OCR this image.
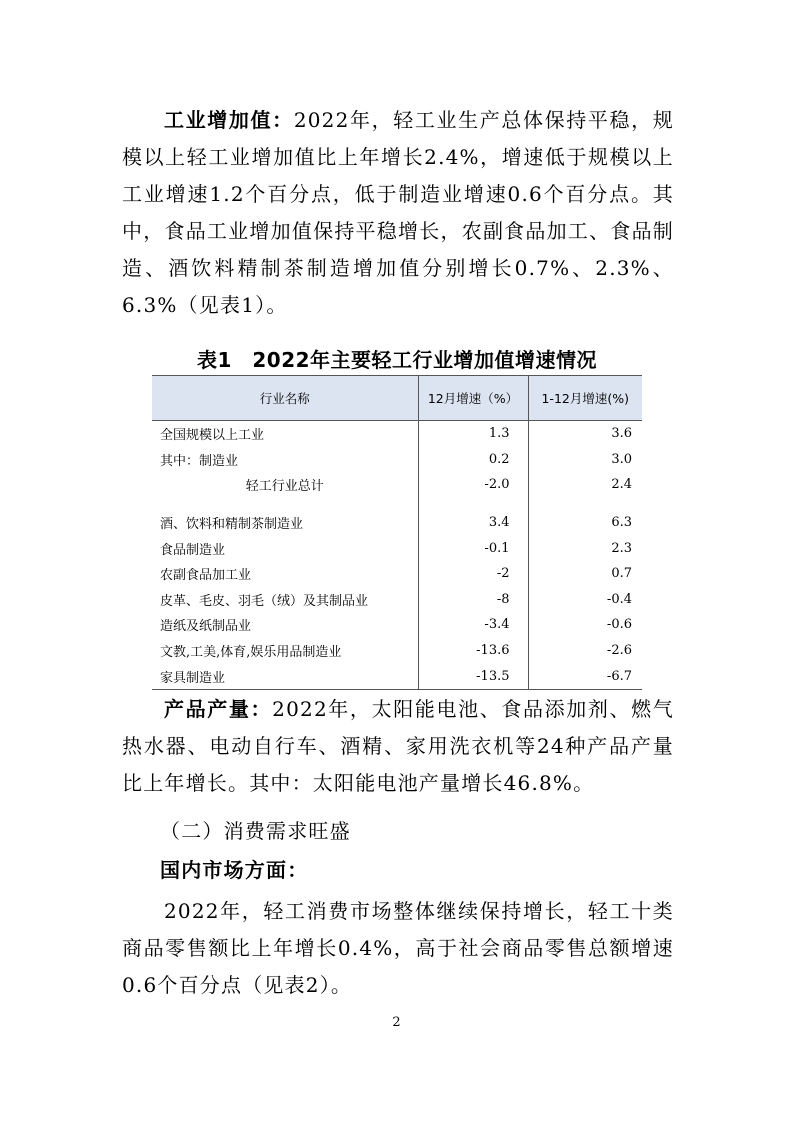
工业增加值：2022年，轻工业生产总体保持平稳，规模以上轻工业增加值比上年增长2.4%，增速低于规模以上工业增速1.2个百分点，低于制造业增速0.6个百分点。其中，食品工业增加值保持平稳增长，农副食品加工、食品制造、酒饮料精制茶制造增加值分别增长0.7%、2.3%、6.3%（见表1）。

表1　2022年主要轻工行业增加值增速情况
行业名称	12月增速（%）	1-12月增速(%)
全国规模以上工业	1.3	3.6
其中：制造业	0.2	3.0
轻工行业总计	-2.0	2.4

酒、饮料和精制茶制造业	3.4	6.3
食品制造业	-0.1	2.3
农副食品加工业	-2	0.7
皮革、毛皮、羽毛（绒）及其制品业	-8	-0.4
造纸及纸制品业	-3.4	-0.6
文教,工美,体育,娱乐用品制造业	-13.6	-2.6
家具制造业	-13.5	-6.7

产品产量：2022年，太阳能电池、食品添加剂、燃气热水器、电动自行车、酒精、家用洗衣机等24种产品产量比上年增长。其中：太阳能电池产量增长46.8%。

（二）消费需求旺盛

国内市场方面：

2022年，轻工消费市场整体继续保持增长，轻工十类商品零售额比上年增长0.4%，高于社会商品零售总额增速0.6个百分点（见表2）。

2
